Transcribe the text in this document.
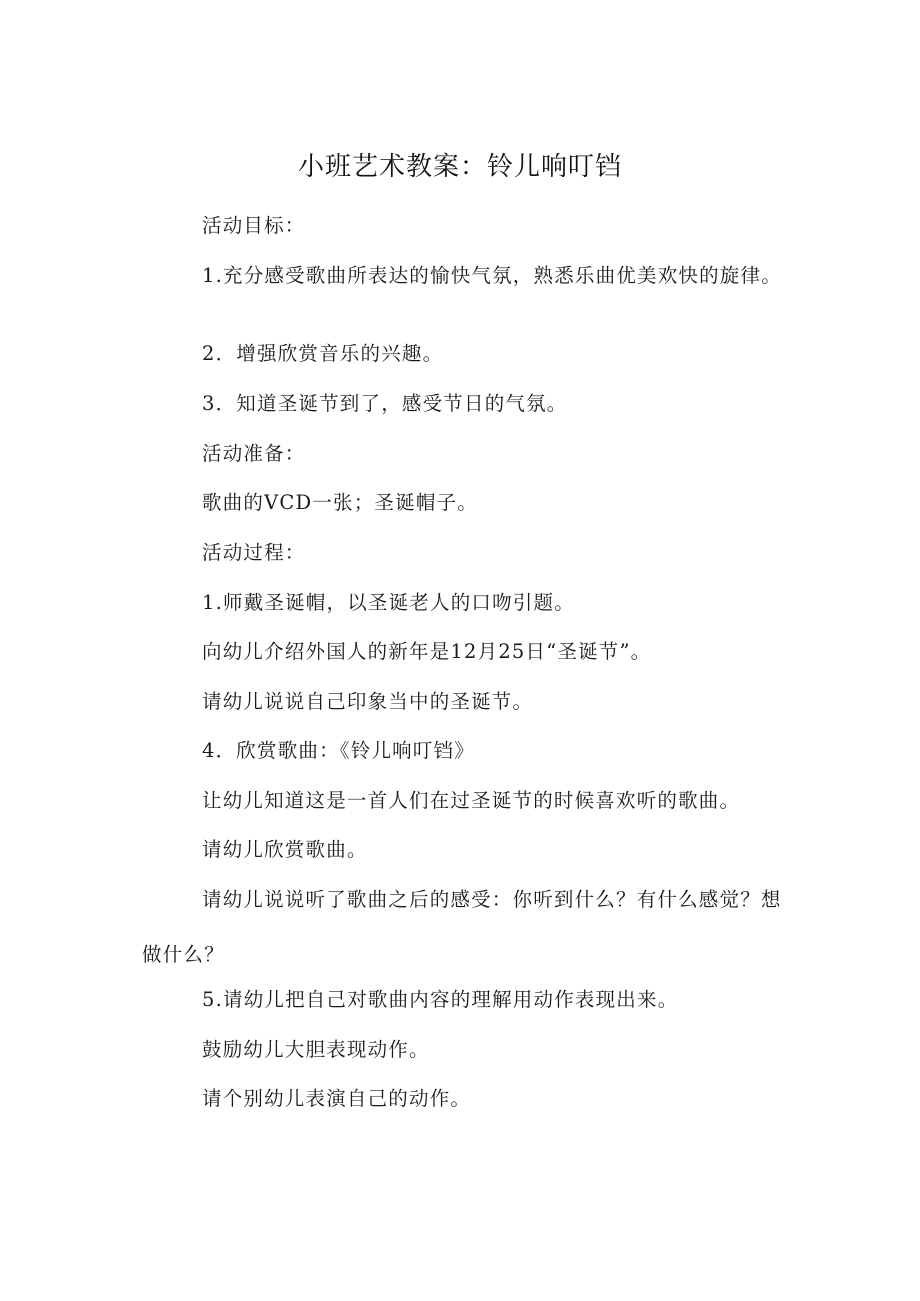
小班艺术教案：铃儿响叮铛

活动目标：

1.充分感受歌曲所表达的愉快气氛，熟悉乐曲优美欢快的旋律。

2．增强欣赏音乐的兴趣。

3．知道圣诞节到了，感受节日的气氛。

活动准备：

歌曲的VCD一张；圣诞帽子。

活动过程：

1.师戴圣诞帽，以圣诞老人的口吻引题。

向幼儿介绍外国人的新年是12月25日“圣诞节”。

请幼儿说说自己印象当中的圣诞节。

4．欣赏歌曲：《铃儿响叮铛》

让幼儿知道这是一首人们在过圣诞节的时候喜欢听的歌曲。

请幼儿欣赏歌曲。

请幼儿说说听了歌曲之后的感受：你听到什么？有什么感觉？想做什么？

5.请幼儿把自己对歌曲内容的理解用动作表现出来。

鼓励幼儿大胆表现动作。

请个别幼儿表演自己的动作。
